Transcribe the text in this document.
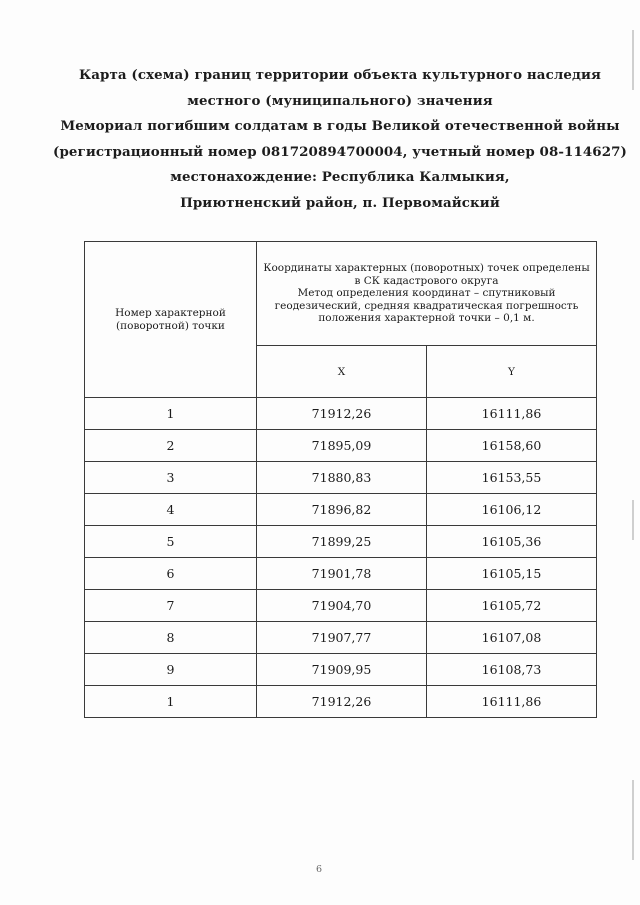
Карта (схема) границ территории объекта культурного наследия
местного (муниципального) значения
Мемориал погибшим солдатам в годы Великой отечественной войны
(регистрационный номер 081720894700004, учетный номер 08-114627)
местонахождение: Республика Калмыкия,
Приютненский район, п. Первомайский
Номер характерной (поворотной) точки	Координаты характерных (поворотных) точек определены
в СК кадастрового округа
Метод определения координат – спутниковый
геодезический, средняя квадратическая погрешность
положения характерной точки – 0,1 м.	

	X	Y
1	71912,26	16111,86
2	71895,09	16158,60
3	71880,83	16153,55
4	71896,82	16106,12
5	71899,25	16105,36
6	71901,78	16105,15
7	71904,70	16105,72
8	71907,77	16107,08
9	71909,95	16108,73
1	71912,26	16111,86
6
